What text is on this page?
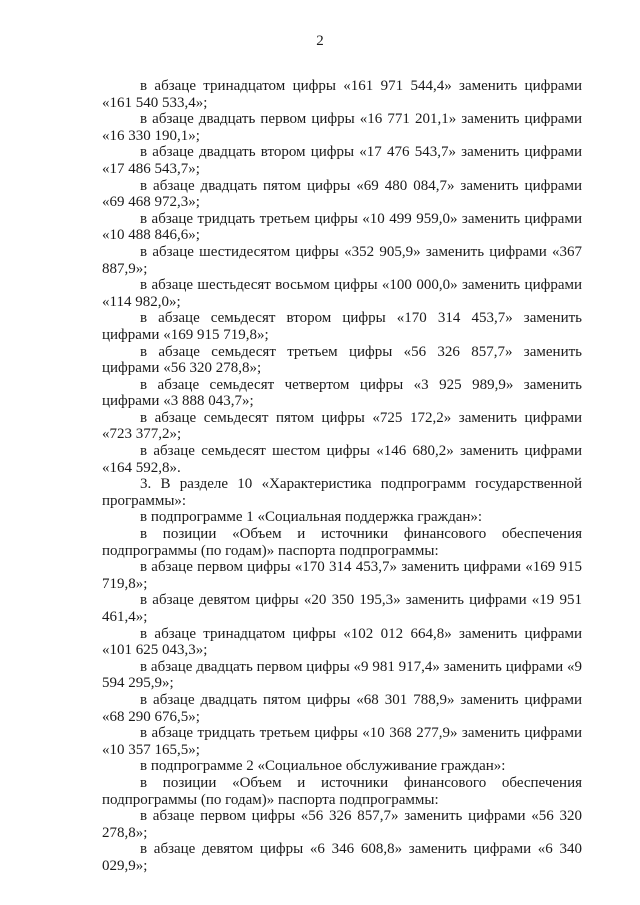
2

в абзаце тринадцатом цифры «161 971 544,4» заменить цифрами «161 540 533,4»;

в абзаце двадцать первом цифры «16 771 201,1» заменить цифрами «16 330 190,1»;

в абзаце двадцать втором цифры «17 476 543,7» заменить цифрами «17 486 543,7»;

в абзаце двадцать пятом цифры «69 480 084,7» заменить цифрами «69 468 972,3»;

в абзаце тридцать третьем цифры «10 499 959,0» заменить цифрами «10 488 846,6»;

в абзаце шестидесятом цифры «352 905,9» заменить цифрами «367 887,9»;

в абзаце шестьдесят восьмом цифры «100 000,0» заменить цифрами «114 982,0»;

в абзаце семьдесят втором цифры «170 314 453,7» заменить цифрами «169 915 719,8»;

в абзаце семьдесят третьем цифры «56 326 857,7» заменить цифрами «56 320 278,8»;

в абзаце семьдесят четвертом цифры «3 925 989,9» заменить цифрами «3 888 043,7»;

в абзаце семьдесят пятом цифры «725 172,2» заменить цифрами «723 377,2»;

в абзаце семьдесят шестом цифры «146 680,2» заменить цифрами «164 592,8».

3. В разделе 10 «Характеристика подпрограмм государственной программы»:

в подпрограмме 1 «Социальная поддержка граждан»:

в позиции «Объем и источники финансового обеспечения подпрограммы (по годам)» паспорта подпрограммы:

в абзаце первом цифры «170 314 453,7» заменить цифрами «169 915 719,8»;

в абзаце девятом цифры «20 350 195,3» заменить цифрами «19 951 461,4»;

в абзаце тринадцатом цифры «102 012 664,8» заменить цифрами «101 625 043,3»;

в абзаце двадцать первом цифры «9 981 917,4» заменить цифрами «9 594 295,9»;

в абзаце двадцать пятом цифры «68 301 788,9» заменить цифрами «68 290 676,5»;

в абзаце тридцать третьем цифры «10 368 277,9» заменить цифрами «10 357 165,5»;

в подпрограмме 2 «Социальное обслуживание граждан»:

в позиции «Объем и источники финансового обеспечения подпрограммы (по годам)» паспорта подпрограммы:

в абзаце первом цифры «56 326 857,7» заменить цифрами «56 320 278,8»;

в абзаце девятом цифры «6 346 608,8» заменить цифрами «6 340 029,9»;
